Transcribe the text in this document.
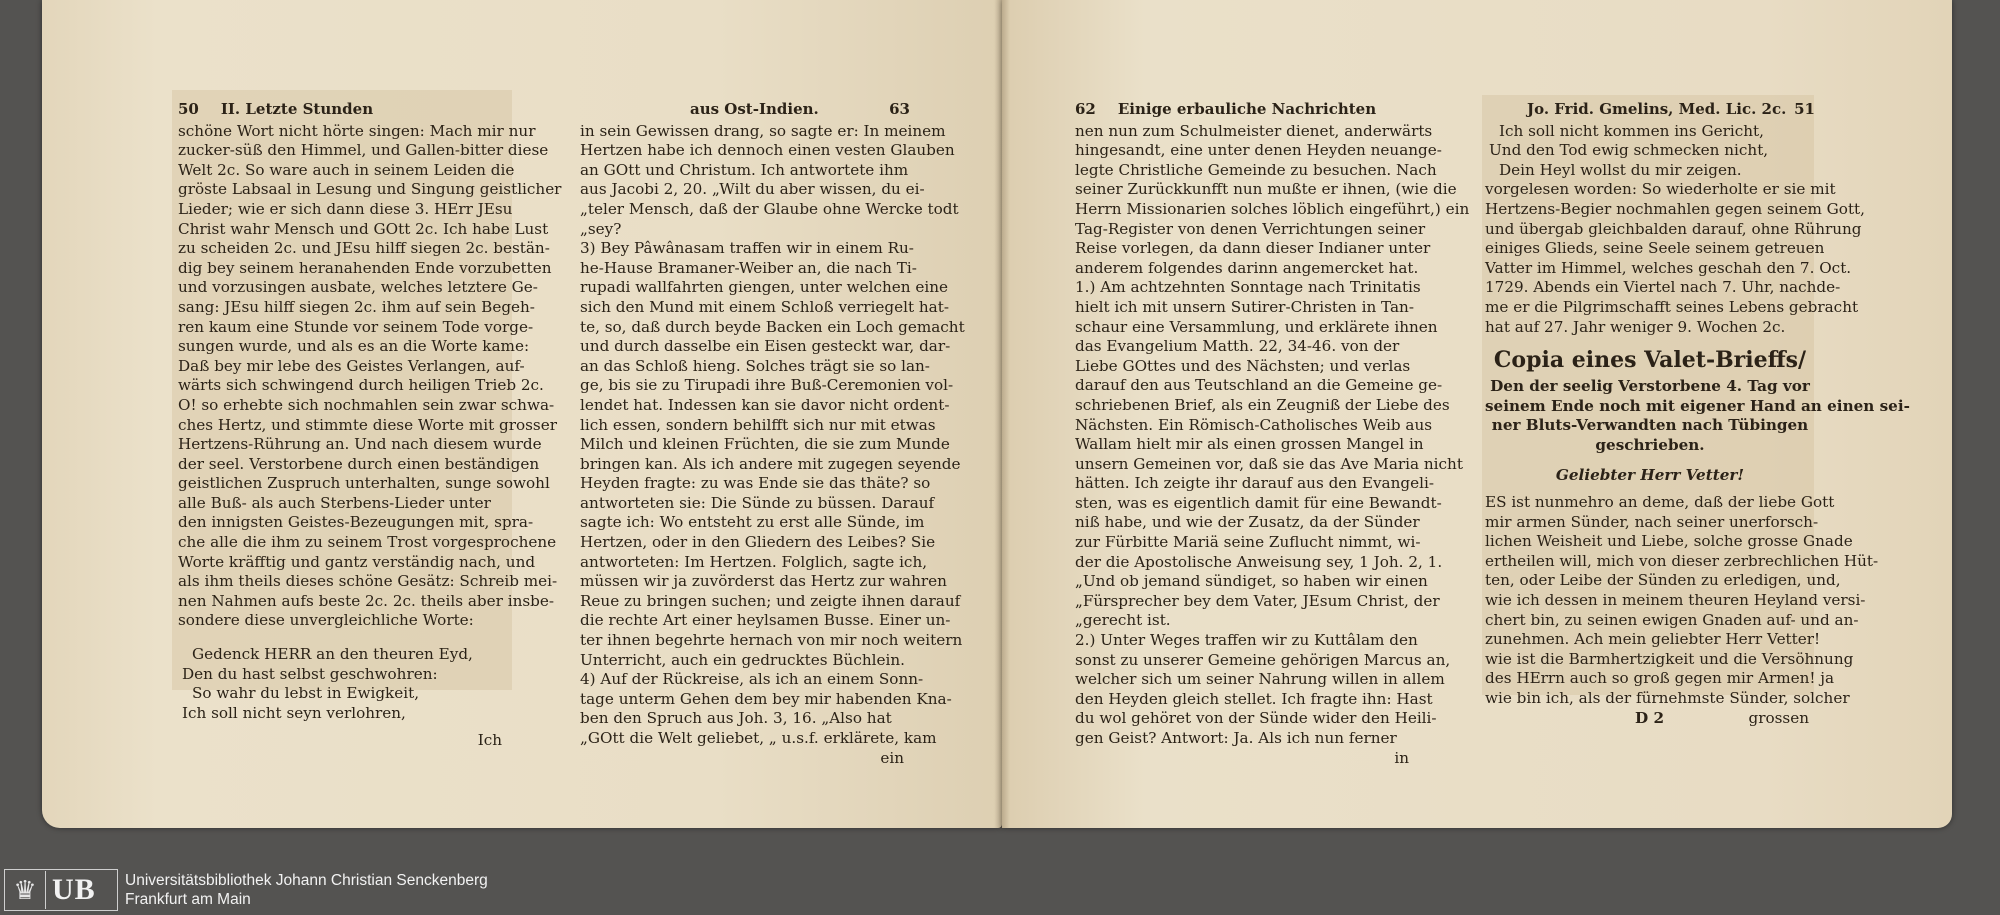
50	II. Letzte Stunden
schöne Wort nicht hörte singen: Mach mir nur
zucker-süß den Himmel, und Gallen-bitter diese
Welt 2c. So ware auch in seinem Leiden die
gröste Labsaal in Lesung und Singung geistlicher
Lieder; wie er sich dann diese 3. HErr JEsu
Christ wahr Mensch und GOtt 2c. Ich habe Lust
zu scheiden 2c. und JEsu hilff siegen 2c. bestän-
dig bey seinem heranahenden Ende vorzubetten
und vorzusingen ausbate, welches letztere Ge-
sang: JEsu hilff siegen 2c. ihm auf sein Begeh-
ren kaum eine Stunde vor seinem Tode vorge-
sungen wurde, und als es an die Worte kame:
Daß bey mir lebe des Geistes Verlangen, auf-
wärts sich schwingend durch heiligen Trieb 2c.
O! so erhebte sich nochmahlen sein zwar schwa-
ches Hertz, und stimmte diese Worte mit grosser
Hertzens-Rührung an. Und nach diesem wurde
der seel. Verstorbene durch einen beständigen
geistlichen Zuspruch unterhalten, sunge sowohl
alle Buß- als auch Sterbens-Lieder unter
den innigsten Geistes-Bezeugungen mit, spra-
che alle die ihm zu seinem Trost vorgesprochene
Worte kräfftig und gantz verständig nach, und
als ihm theils dieses schöne Gesätz: Schreib mei-
nen Nahmen aufs beste 2c. 2c. theils aber insbe-
sondere diese unvergleichliche Worte:
Gedenck HERR an den theuren Eyd,
Den du hast selbst geschwohren:
So wahr du lebst in Ewigkeit,
Ich soll nicht seyn verlohren,
Ich
aus Ost-Indien.	63
in sein Gewissen drang, so sagte er: In meinem
Hertzen habe ich dennoch einen vesten Glauben
an GOtt und Christum. Ich antwortete ihm
aus Jacobi 2, 20. „Wilt du aber wissen, du ei-
„teler Mensch, daß der Glaube ohne Wercke todt
„sey?
3) Bey Pâwânasam traffen wir in einem Ru-
he-Hause Bramaner-Weiber an, die nach Ti-
rupadi wallfahrten giengen, unter welchen eine
sich den Mund mit einem Schloß verriegelt hat-
te, so, daß durch beyde Backen ein Loch gemacht
und durch dasselbe ein Eisen gesteckt war, dar-
an das Schloß hieng. Solches trägt sie so lan-
ge, bis sie zu Tirupadi ihre Buß-Ceremonien vol-
lendet hat. Indessen kan sie davor nicht ordent-
lich essen, sondern behilfft sich nur mit etwas
Milch und kleinen Früchten, die sie zum Munde
bringen kan. Als ich andere mit zugegen seyende
Heyden fragte: zu was Ende sie das thäte? so
antworteten sie: Die Sünde zu büssen. Darauf
sagte ich: Wo entsteht zu erst alle Sünde, im
Hertzen, oder in den Gliedern des Leibes? Sie
antworteten: Im Hertzen. Folglich, sagte ich,
müssen wir ja zuvörderst das Hertz zur wahren
Reue zu bringen suchen; und zeigte ihnen darauf
die rechte Art einer heylsamen Busse. Einer un-
ter ihnen begehrte hernach von mir noch weitern
Unterricht, auch ein gedrucktes Büchlein.
4) Auf der Rückreise, als ich an einem Sonn-
tage unterm Gehen dem bey mir habenden Kna-
ben den Spruch aus Joh. 3, 16. „Also hat
„GOtt die Welt geliebet, „ u.s.f. erklärete, kam
ein
62	Einige erbauliche Nachrichten
nen nun zum Schulmeister dienet, anderwärts
hingesandt, eine unter denen Heyden neuange-
legte Christliche Gemeinde zu besuchen. Nach
seiner Zurückkunfft nun mußte er ihnen, (wie die
Herrn Missionarien solches löblich eingeführt,) ein
Tag-Register von denen Verrichtungen seiner
Reise vorlegen, da dann dieser Indianer unter
anderem folgendes darinn angemercket hat.
1.) Am achtzehnten Sonntage nach Trinitatis
hielt ich mit unsern Sutirer-Christen in Tan-
schaur eine Versammlung, und erklärete ihnen
das Evangelium Matth. 22, 34-46. von der
Liebe GOttes und des Nächsten; und verlas
darauf den aus Teutschland an die Gemeine ge-
schriebenen Brief, als ein Zeugniß der Liebe des
Nächsten. Ein Römisch-Catholisches Weib aus
Wallam hielt mir als einen grossen Mangel in
unsern Gemeinen vor, daß sie das Ave Maria nicht
hätten. Ich zeigte ihr darauf aus den Evangeli-
sten, was es eigentlich damit für eine Bewandt-
niß habe, und wie der Zusatz, da der Sünder
zur Fürbitte Mariä seine Zuflucht nimmt, wi-
der die Apostolische Anweisung sey, 1 Joh. 2, 1.
„Und ob jemand sündiget, so haben wir einen
„Fürsprecher bey dem Vater, JEsum Christ, der
„gerecht ist.
2.) Unter Weges traffen wir zu Kuttâlam den
sonst zu unserer Gemeine gehörigen Marcus an,
welcher sich um seiner Nahrung willen in allem
den Heyden gleich stellet. Ich fragte ihn: Hast
du wol gehöret von der Sünde wider den Heili-
gen Geist? Antwort: Ja. Als ich nun ferner
in
Jo. Frid. Gmelins, Med. Lic. 2c. 51
Ich soll nicht kommen ins Gericht,
Und den Tod ewig schmecken nicht,
Dein Heyl wollst du mir zeigen.
vorgelesen worden: So wiederholte er sie mit
Hertzens-Begier nochmahlen gegen seinem Gott,
und übergab gleichbalden darauf, ohne Rührung
einiges Glieds, seine Seele seinem getreuen
Vatter im Himmel, welches geschah den 7. Oct.
1729. Abends ein Viertel nach 7. Uhr, nachde-
me er die Pilgrimschafft seines Lebens gebracht
hat auf 27. Jahr weniger 9. Wochen 2c.
Copia eines Valet-Brieffs/
Den der seelig Verstorbene 4. Tag vor
seinem Ende noch mit eigener Hand an einen sei-
ner Bluts-Verwandten nach Tübingen
geschrieben.
Geliebter Herr Vetter!
ES ist nunmehro an deme, daß der liebe Gott
mir armen Sünder, nach seiner unerforsch-
lichen Weisheit und Liebe, solche grosse Gnade
ertheilen will, mich von dieser zerbrechlichen Hüt-
ten, oder Leibe der Sünden zu erledigen, und,
wie ich dessen in meinem theuren Heyland versi-
chert bin, zu seinen ewigen Gnaden auf- und an-
zunehmen. Ach mein geliebter Herr Vetter!
wie ist die Barmhertzigkeit und die Versöhnung
des HErrn auch so groß gegen mir Armen! ja
wie bin ich, als der fürnehmste Sünder, solcher
D 2	grossen
♛ UB Universitätsbibliothek Johann Christian Senckenberg
Frankfurt am Main
